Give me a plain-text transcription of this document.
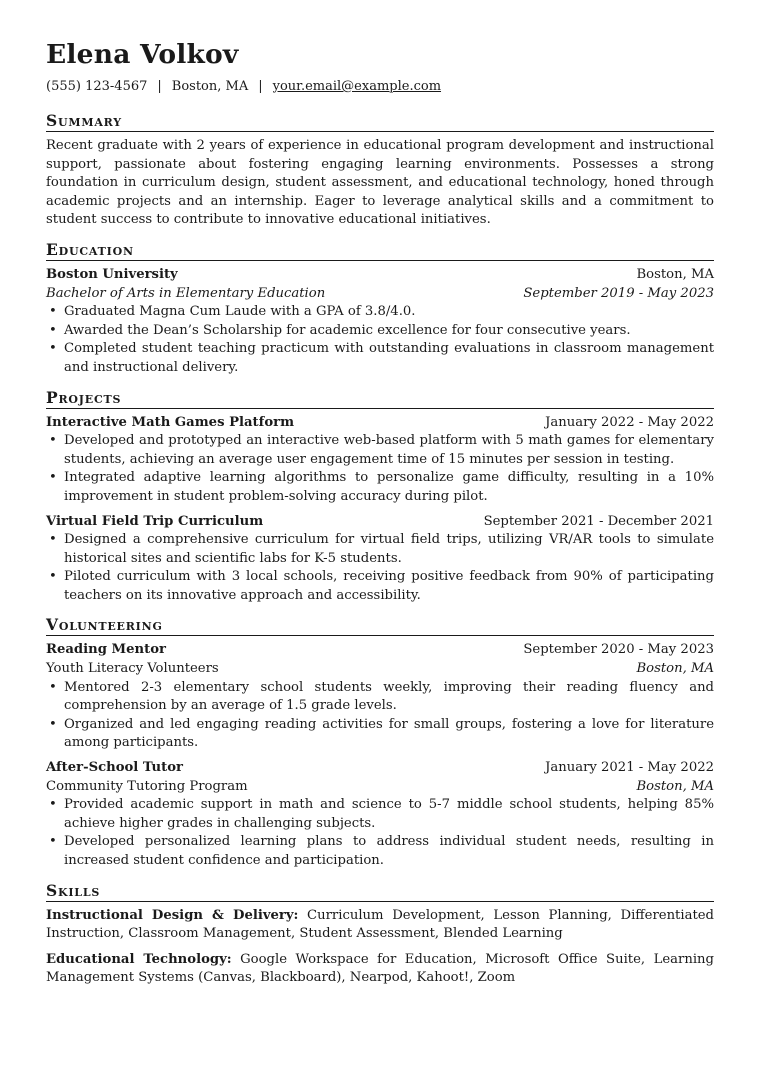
Elena Volkov
(555) 123-4567 | Boston, MA | your.email@example.com
Summary

Recent graduate with 2 years of experience in educational program development and instructional support, passionate about fostering engaging learning environments. Possesses a strong foundation in curriculum design, student assessment, and educational technology, honed through academic projects and an internship. Eager to leverage analytical skills and a commitment to student success to contribute to innovative educational initiatives.

Education
Boston University	Boston, MA
Bachelor of Arts in Elementary Education	September 2019 - May 2023
• Graduated Magna Cum Laude with a GPA of 3.8/4.0.
• Awarded the Dean’s Scholarship for academic excellence for four consecutive years.
• Completed student teaching practicum with outstanding evaluations in classroom management and instructional delivery.
Projects
Interactive Math Games Platform	January 2022 - May 2022
• Developed and prototyped an interactive web-based platform with 5 math games for elementary students, achieving an average user engagement time of 15 minutes per session in testing.
• Integrated adaptive learning algorithms to personalize game difficulty, resulting in a 10% improvement in student problem-solving accuracy during pilot.
Virtual Field Trip Curriculum	September 2021 - December 2021
• Designed a comprehensive curriculum for virtual field trips, utilizing VR/AR tools to simulate historical sites and scientific labs for K-5 students.
• Piloted curriculum with 3 local schools, receiving positive feedback from 90% of participating teachers on its innovative approach and accessibility.
Volunteering
Reading Mentor	September 2020 - May 2023
Youth Literacy Volunteers	Boston, MA
• Mentored 2-3 elementary school students weekly, improving their reading fluency and comprehension by an average of 1.5 grade levels.
• Organized and led engaging reading activities for small groups, fostering a love for literature among participants.
After-School Tutor	January 2021 - May 2022
Community Tutoring Program	Boston, MA
• Provided academic support in math and science to 5-7 middle school students, helping 85% achieve higher grades in challenging subjects.
• Developed personalized learning plans to address individual student needs, resulting in increased student confidence and participation.
Skills
Instructional Design & Delivery: Curriculum Development, Lesson Planning, Differentiated Instruction, Classroom Management, Student Assessment, Blended Learning
Educational Technology: Google Workspace for Education, Microsoft Office Suite, Learning Management Systems (Canvas, Blackboard), Nearpod, Kahoot!, Zoom
